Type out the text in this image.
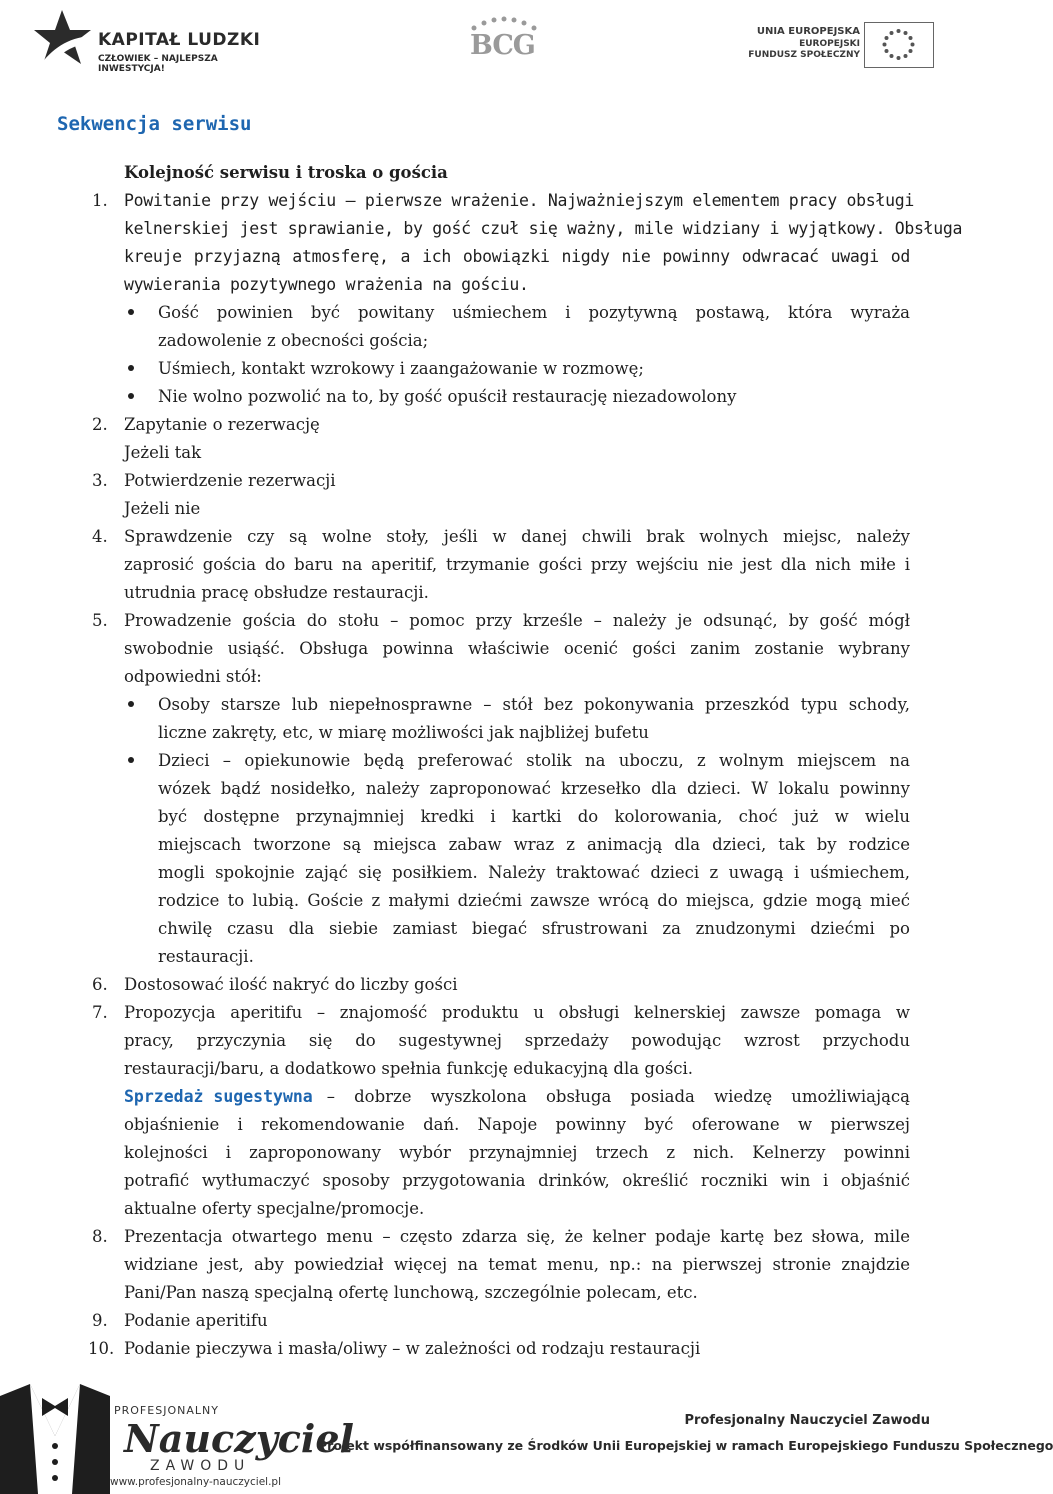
KAPITAŁ LUDZKI
CZŁOWIEK – NAJLEPSZA INWESTYCJA!
BCG	UNIA EUROPEJSKA
EUROPEJSKI
FUNDUSZ SPOŁECZNY
Sekwencja serwisu
Kolejność serwisu i troska o gościa
1. Powitanie przy wejściu – pierwsze wrażenie. Najważniejszym elementem pracy obsługi
kelnerskiej jest sprawianie, by gość czuł się ważny, mile widziany i wyjątkowy. Obsługa
kreuje przyjazną atmosferę, a ich obowiązki nigdy nie powinny odwracać uwagi od
wywierania pozytywnego wrażenia na gościu.
Gość powinien być powitany uśmiechem i pozytywną postawą, która wyraża
zadowolenie z obecności gościa;
Uśmiech, kontakt wzrokowy i zaangażowanie w rozmowę;
Nie wolno pozwolić na to, by gość opuścił restaurację niezadowolony
2. Zapytanie o rezerwację
Jeżeli tak
3. Potwierdzenie rezerwacji
Jeżeli nie
4. Sprawdzenie czy są wolne stoły, jeśli w danej chwili brak wolnych miejsc, należy
zaprosić gościa do baru na aperitif, trzymanie gości przy wejściu nie jest dla nich miłe i
utrudnia pracę obsłudze restauracji.
5. Prowadzenie gościa do stołu – pomoc przy krześle – należy je odsunąć, by gość mógł
swobodnie usiąść. Obsługa powinna właściwie ocenić gości zanim zostanie wybrany
odpowiedni stół:
Osoby starsze lub niepełnosprawne – stół bez pokonywania przeszkód typu schody,
liczne zakręty, etc, w miarę możliwości jak najbliżej bufetu
Dzieci – opiekunowie będą preferować stolik na uboczu, z wolnym miejscem na
wózek bądź nosidełko, należy zaproponować krzesełko dla dzieci. W lokalu powinny
być dostępne przynajmniej kredki i kartki do kolorowania, choć już w wielu
miejscach tworzone są miejsca zabaw wraz z animacją dla dzieci, tak by rodzice
mogli spokojnie zająć się posiłkiem. Należy traktować dzieci z uwagą i uśmiechem,
rodzice to lubią. Goście z małymi dziećmi zawsze wrócą do miejsca, gdzie mogą mieć
chwilę czasu dla siebie zamiast biegać sfrustrowani za znudzonymi dziećmi po
restauracji.
6. Dostosować ilość nakryć do liczby gości
7. Propozycja aperitifu – znajomość produktu u obsługi kelnerskiej zawsze pomaga w
pracy, przyczynia się do sugestywnej sprzedaży powodując wzrost przychodu
restauracji/baru, a dodatkowo spełnia funkcję edukacyjną dla gości.
Sprzedaż sugestywna – dobrze wyszkolona obsługa posiada wiedzę umożliwiającą
objaśnienie i rekomendowanie dań. Napoje powinny być oferowane w pierwszej
kolejności i zaproponowany wybór przynajmniej trzech z nich. Kelnerzy powinni
potrafić wytłumaczyć sposoby przygotowania drinków, określić roczniki win i objaśnić
aktualne oferty specjalne/promocje.
8. Prezentacja otwartego menu – często zdarza się, że kelner podaje kartę bez słowa, mile
widziane jest, aby powiedział więcej na temat menu, np.: na pierwszej stronie znajdzie
Pani/Pan naszą specjalną ofertę lunchową, szczególnie polecam, etc.
9. Podanie aperitifu
10. Podanie pieczywa i masła/oliwy – w zależności od rodzaju restauracji
PROFESJONALNY
Nauczyciel
ZAWODU
www.profesjonalny-nauczyciel.pl
Profesjonalny Nauczyciel Zawodu
Projekt współfinansowany ze Środków Unii Europejskiej w ramach Europejskiego Funduszu Społecznego
